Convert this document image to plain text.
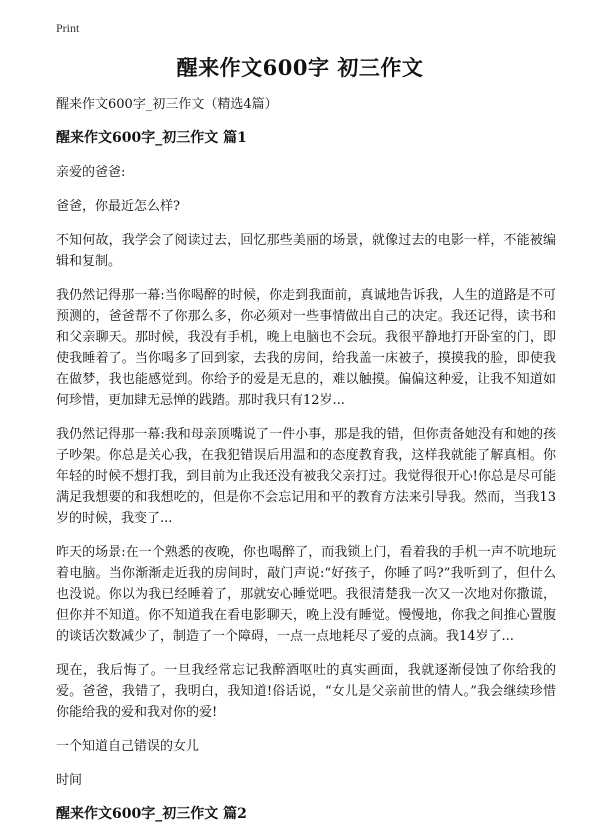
Print
醒来作文600字 初三作文

醒来作文600字_初三作文（精选4篇）

醒来作文600字_初三作文 篇1

亲爱的爸爸:

爸爸，你最近怎么样?

不知何故，我学会了阅读过去，回忆那些美丽的场景，就像过去的电影一样，不能被编辑和复制。

我仍然记得那一幕:当你喝醉的时候，你走到我面前，真诚地告诉我，人生的道路是不可预测的，爸爸帮不了你那么多，你必须对一些事情做出自己的决定。我还记得，读书和和父亲聊天。那时候，我没有手机，晚上电脑也不会玩。我很平静地打开卧室的门，即使我睡着了。当你喝多了回到家，去我的房间，给我盖一床被子，摸摸我的脸，即使我在做梦，我也能感觉到。你给予的爱是无息的，难以触摸。偏偏这种爱，让我不知道如何珍惜，更加肆无忌惮的践踏。那时我只有12岁...

我仍然记得那一幕:我和母亲顶嘴说了一件小事，那是我的错，但你责备她没有和她的孩子吵架。你总是关心我，在我犯错误后用温和的态度教育我，这样我就能了解真相。你年轻的时候不想打我，到目前为止我还没有被我父亲打过。我觉得很开心!你总是尽可能满足我想要的和我想吃的，但是你不会忘记用和平的教育方法来引导我。然而，当我13岁的时候，我变了...

昨天的场景:在一个熟悉的夜晚，你也喝醉了，而我锁上门，看着我的手机一声不吭地玩着电脑。当你渐渐走近我的房间时，敲门声说:“好孩子，你睡了吗?”我听到了，但什么也没说。你以为我已经睡着了，那就安心睡觉吧。我很清楚我一次又一次地对你撒谎，但你并不知道。你不知道我在看电影聊天，晚上没有睡觉。慢慢地，你我之间推心置腹的谈话次数减少了，制造了一个障碍，一点一点地耗尽了爱的点滴。我14岁了...

现在，我后悔了。一旦我经常忘记我醉酒呕吐的真实画面，我就逐渐侵蚀了你给我的爱。爸爸，我错了，我明白，我知道!俗话说，“女儿是父亲前世的情人。”我会继续珍惜你能给我的爱和我对你的爱!

一个知道自己错误的女儿

时间

醒来作文600字_初三作文 篇2
